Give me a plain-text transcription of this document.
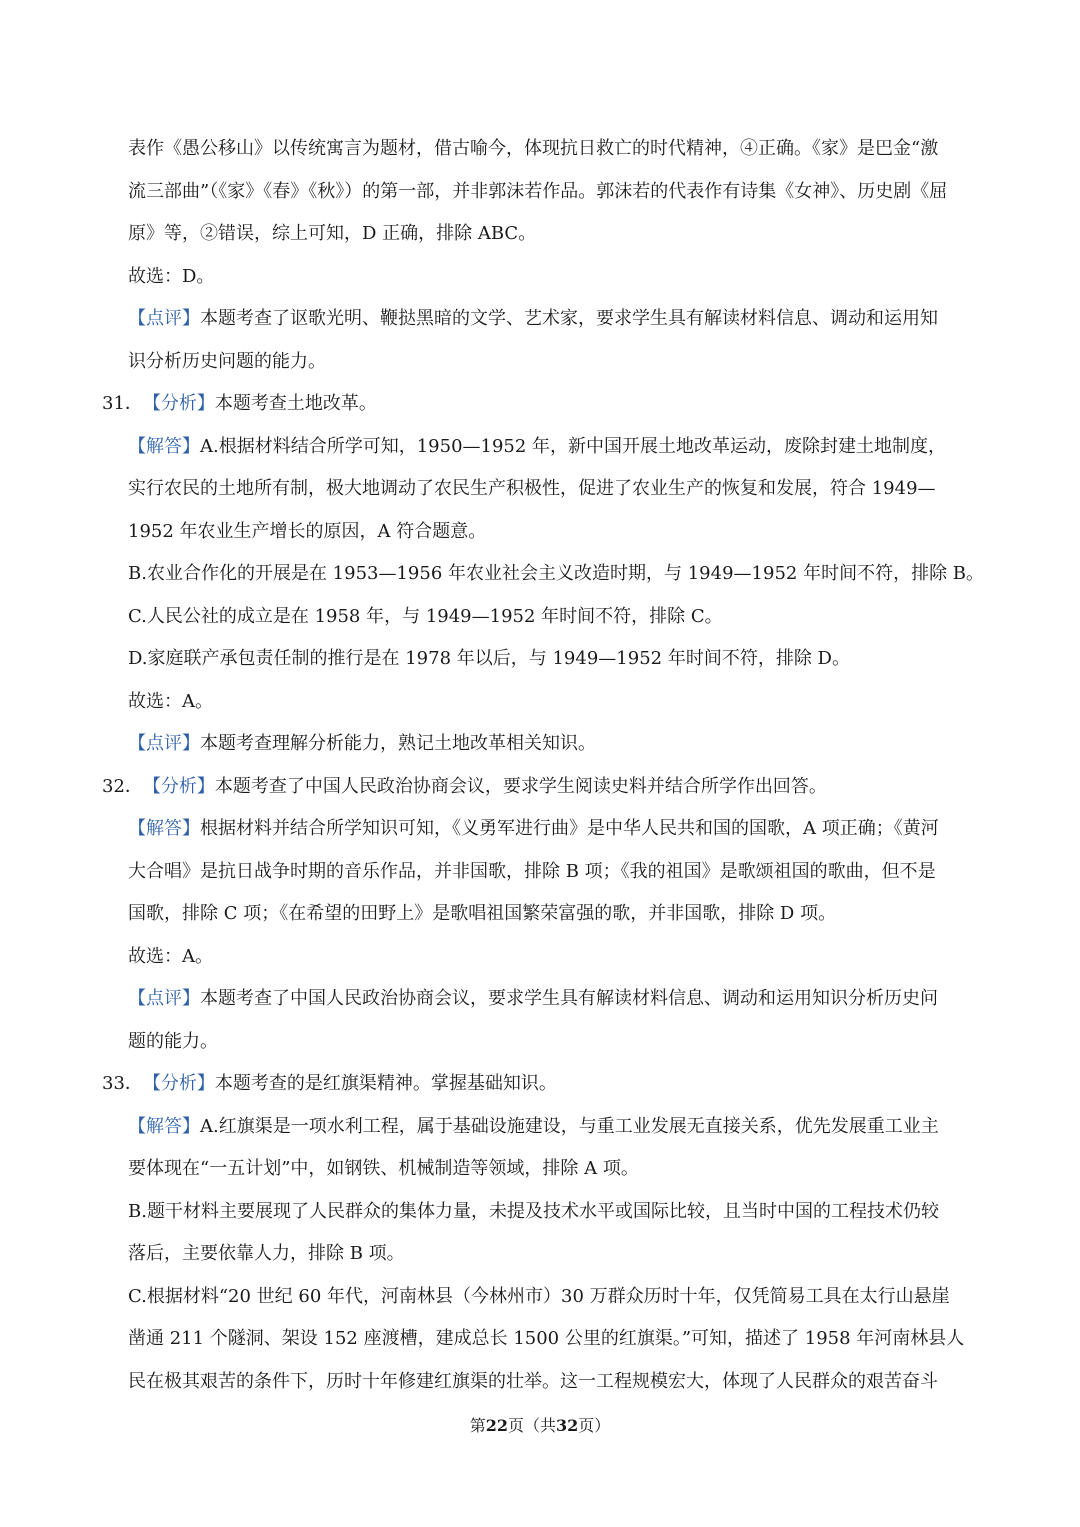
表作《愚公移山》以传统寓言为题材，借古喻今，体现抗日救亡的时代精神，④正确。《家》是巴金“激
流三部曲”（《家》《春》《秋》）的第一部，并非郭沫若作品。郭沫若的代表作有诗集《女神》、历史剧《屈
原》等，②错误，综上可知，D 正确，排除 ABC。
故选：D。
【点评】本题考查了讴歌光明、鞭挞黑暗的文学、艺术家，要求学生具有解读材料信息、调动和运用知
识分析历史问题的能力。
31．【分析】本题考查土地改革。
【解答】A.根据材料结合所学可知，1950—1952 年，新中国开展土地改革运动，废除封建土地制度，
实行农民的土地所有制，极大地调动了农民生产积极性，促进了农业生产的恢复和发展，符合 1949—
1952 年农业生产增长的原因，A 符合题意。
B.农业合作化的开展是在 1953—1956 年农业社会主义改造时期，与 1949—1952 年时间不符，排除 B。
C.人民公社的成立是在 1958 年，与 1949—1952 年时间不符，排除 C。
D.家庭联产承包责任制的推行是在 1978 年以后，与 1949—1952 年时间不符，排除 D。
故选：A。
【点评】本题考查理解分析能力，熟记土地改革相关知识。
32．【分析】本题考查了中国人民政治协商会议，要求学生阅读史料并结合所学作出回答。
【解答】根据材料并结合所学知识可知，《义勇军进行曲》是中华人民共和国的国歌，A 项正确；《黄河
大合唱》是抗日战争时期的音乐作品，并非国歌，排除 B 项；《我的祖国》是歌颂祖国的歌曲，但不是
国歌，排除 C 项；《在希望的田野上》是歌唱祖国繁荣富强的歌，并非国歌，排除 D 项。
故选：A。
【点评】本题考查了中国人民政治协商会议，要求学生具有解读材料信息、调动和运用知识分析历史问
题的能力。
33．【分析】本题考查的是红旗渠精神。掌握基础知识。
【解答】A.红旗渠是一项水利工程，属于基础设施建设，与重工业发展无直接关系，优先发展重工业主
要体现在“一五计划”中，如钢铁、机械制造等领域，排除 A 项。
B.题干材料主要展现了人民群众的集体力量，未提及技术水平或国际比较，且当时中国的工程技术仍较
落后，主要依靠人力，排除 B 项。
C.根据材料“20 世纪 60 年代，河南林县（今林州市）30 万群众历时十年，仅凭简易工具在太行山悬崖
凿通 211 个隧洞、架设 152 座渡槽，建成总长 1500 公里的红旗渠。”可知，描述了 1958 年河南林县人
民在极其艰苦的条件下，历时十年修建红旗渠的壮举。这一工程规模宏大，体现了人民群众的艰苦奋斗
第22页（共32页）
